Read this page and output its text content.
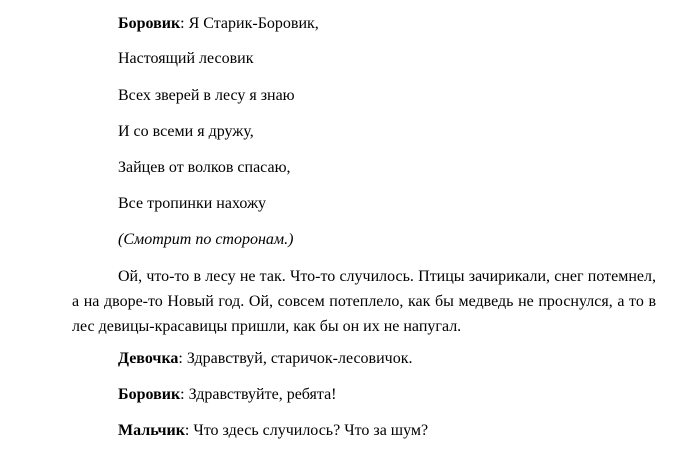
Боровик: Я Старик-Боровик,
Настоящий лесовик
Всех зверей в лесу я знаю
И со всеми я дружу,
Зайцев от волков спасаю,
Все тропинки нахожу
(Смотрит по сторонам.)
Ой, что-то в лесу не так. Что-то случилось. Птицы зачирикали, снег потемнел, а на дворе-то Новый год. Ой, совсем потеплело, как бы медведь не проснулся, а то в лес девицы-красавицы пришли, как бы он их не напугал.
Девочка: Здравствуй, старичок-лесовичок.
Боровик: Здравствуйте, ребята!
Мальчик: Что здесь случилось? Что за шум?
